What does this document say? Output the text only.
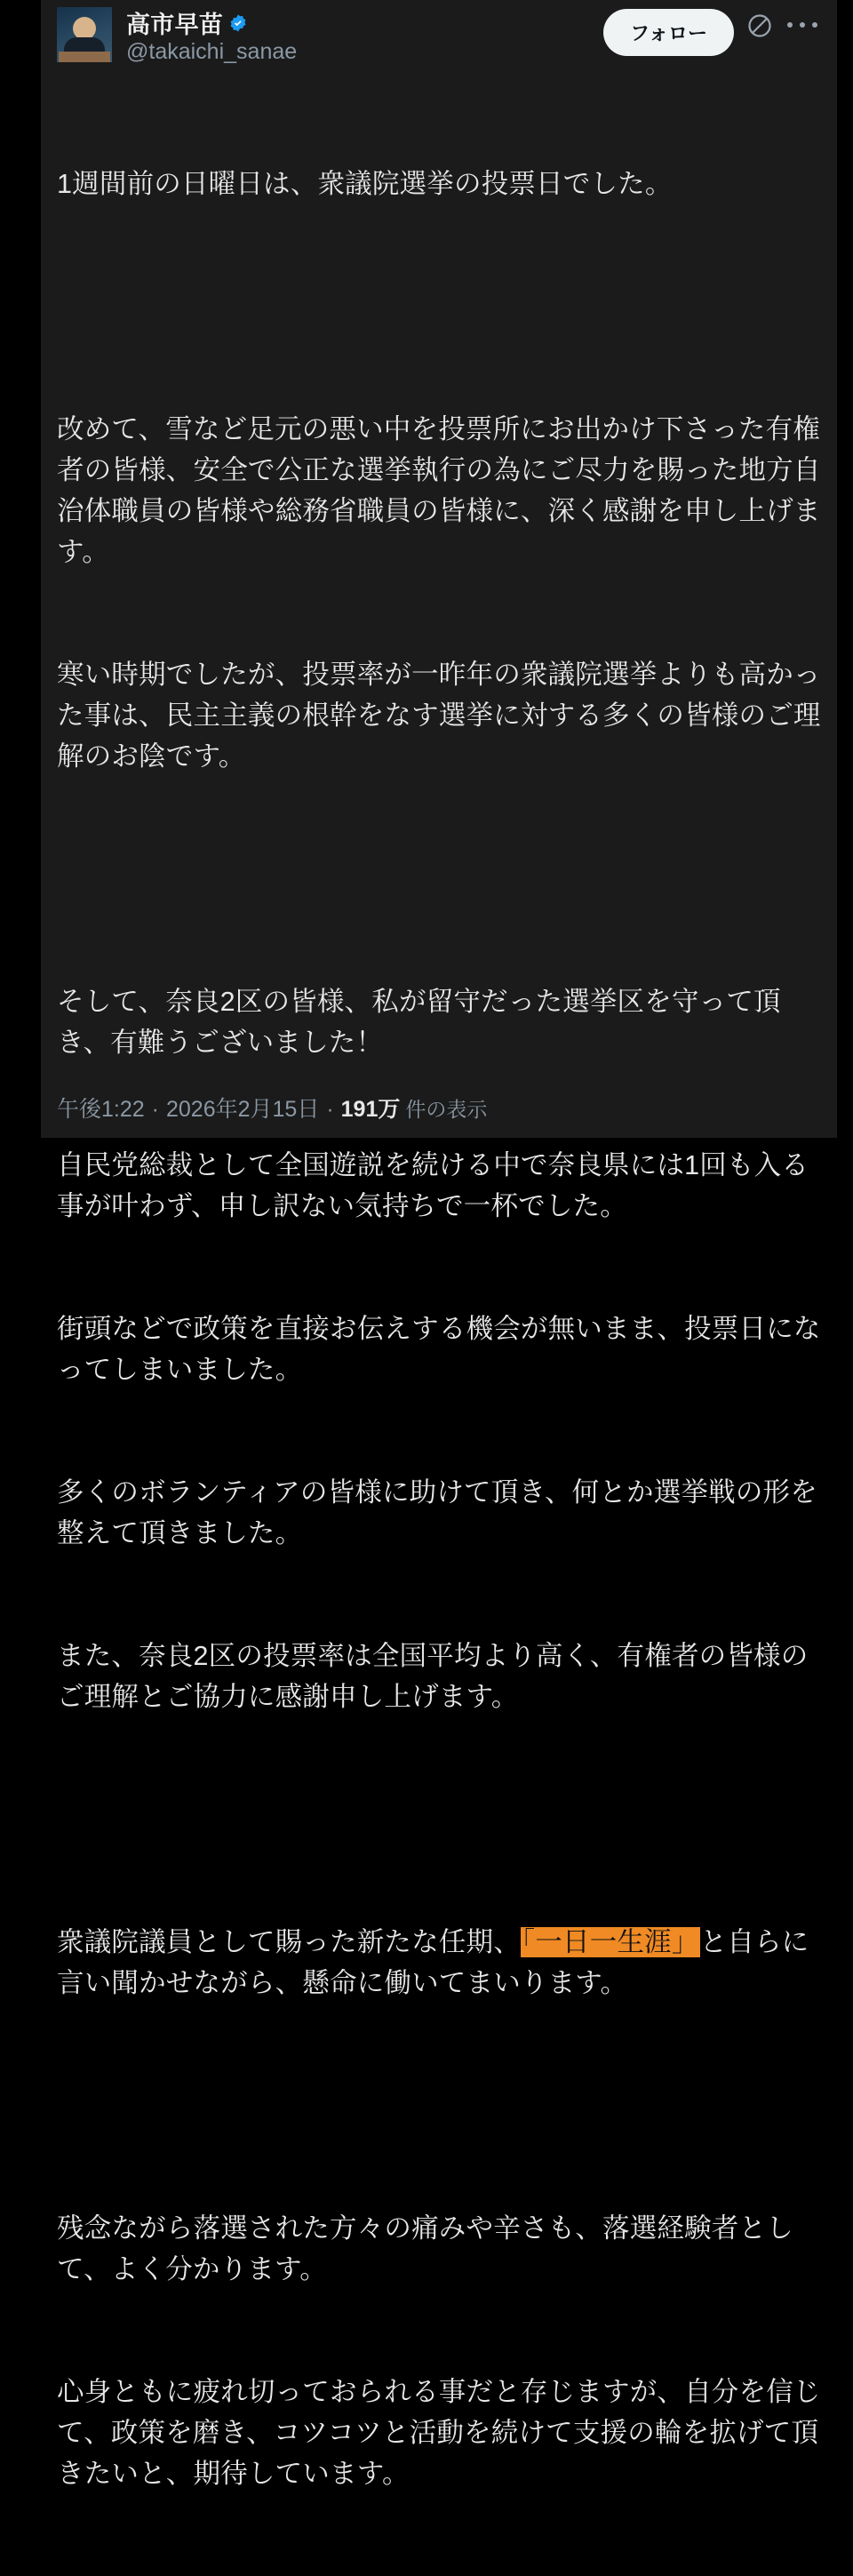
高市早苗
@takaichi_sanae
フォロー

1週間前の日曜日は、衆議院選挙の投票日でした。

改めて、雪など足元の悪い中を投票所にお出かけ下さった有権者の皆様、安全で公正な選挙執行の為にご尽力を賜った地方自治体職員の皆様や総務省職員の皆様に、深く感謝を申し上げます。

寒い時期でしたが、投票率が一昨年の衆議院選挙よりも高かった事は、民主主義の根幹をなす選挙に対する多くの皆様のご理解のお陰です。

そして、奈良2区の皆様、私が留守だった選挙区を守って頂き、有難うございました！

自民党総裁として全国遊説を続ける中で奈良県には1回も入る事が叶わず、申し訳ない気持ちで一杯でした。

街頭などで政策を直接お伝えする機会が無いまま、投票日になってしまいました。

多くのボランティアの皆様に助けて頂き、何とか選挙戦の形を整えて頂きました。

また、奈良2区の投票率は全国平均より高く、有権者の皆様のご理解とご協力に感謝申し上げます。

衆議院議員として賜った新たな任期、「一日一生涯」と自らに言い聞かせながら、懸命に働いてまいります。

残念ながら落選された方々の痛みや辛さも、落選経験者として、よく分かります。

心身ともに疲れ切っておられる事だと存じますが、自分を信じて、政策を磨き、コツコツと活動を続けて支援の輪を拡げて頂きたいと、期待しています。

午後1:22 · 2026年2月15日 · 191万 件の表示
